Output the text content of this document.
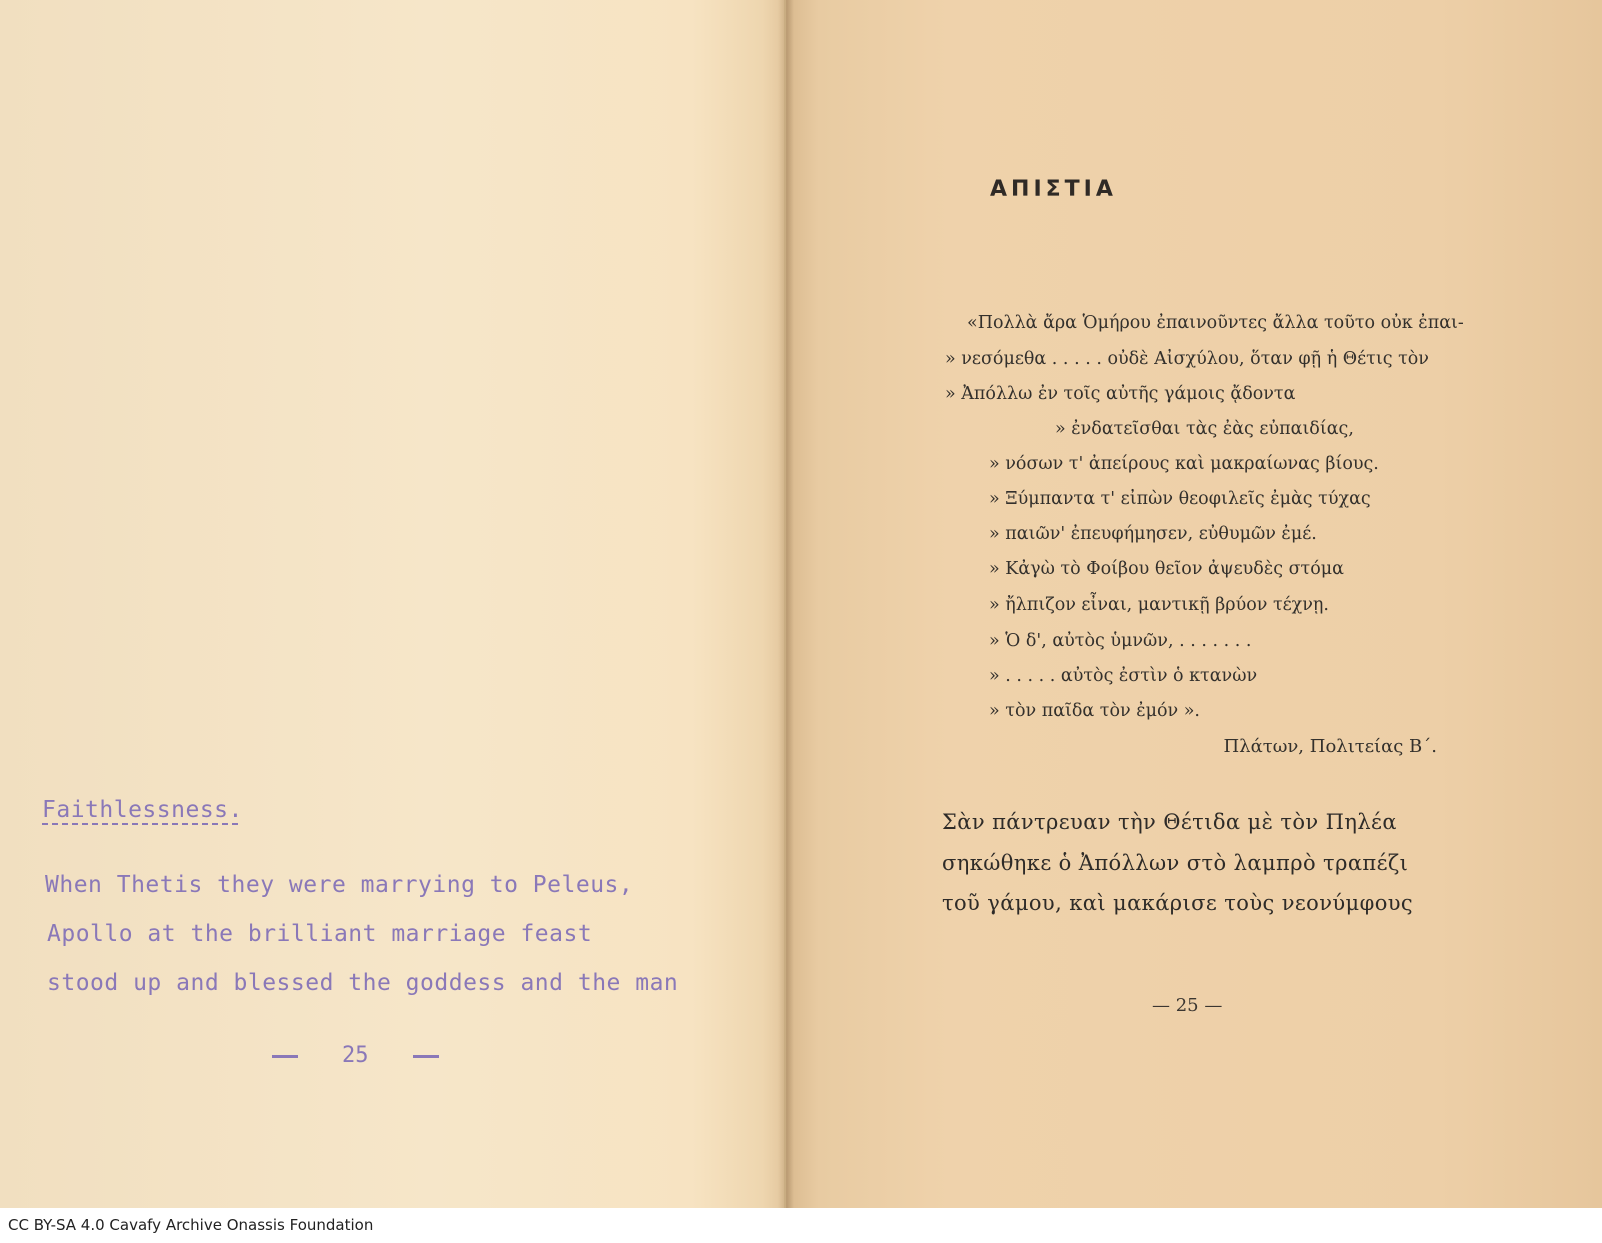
Faithlessness.
When Thetis they were marrying to Peleus,
Apollo at the brilliant marriage feast
stood up and blessed the goddess and the man
25
ΑΠΙΣΤΙΑ
«Πολλὰ ἄρα Ὁμήρου ἐπαινοῦντες ἄλλα τοῦτο οὐκ ἐπαι-
» νεσόμεθα . . . . . οὐδὲ Αἰσχύλου, ὅταν φῇ ἡ Θέτις τὸν
» Ἀπόλλω ἐν τοῖς αὐτῆς γάμοις ᾄδοντα
» ἐνδατεῖσθαι τὰς ἐὰς εὐπαιδίας,
» νόσων τ' ἀπείρους καὶ μακραίωνας βίους.
» Ξύμπαντα τ' εἰπὼν θεοφιλεῖς ἐμὰς τύχας
» παιῶν' ἐπευφήμησεν, εὐθυμῶν ἐμέ.
» Κἀγὼ τὸ Φοίβου θεῖον ἀψευδὲς στόμα
» ἤλπιζον εἶναι, μαντικῇ βρύον τέχνῃ.
» Ὁ δ', αὐτὸς ὑμνῶν, . . . . . . .
» . . . . . αὐτὸς ἐστὶν ὁ κτανὼν
» τὸν παῖδα τὸν ἐμόν ».
Πλάτων, Πολιτείας Β΄.
Σὰν πάντρευαν τὴν Θέτιδα μὲ τὸν Πηλέα
σηκώθηκε ὁ Ἀπόλλων στὸ λαμπρὸ τραπέζι
τοῦ γάμου, καὶ μακάρισε τοὺς νεονύμφους
— 25 —
CC BY-SA 4.0 Cavafy Archive Onassis Foundation
